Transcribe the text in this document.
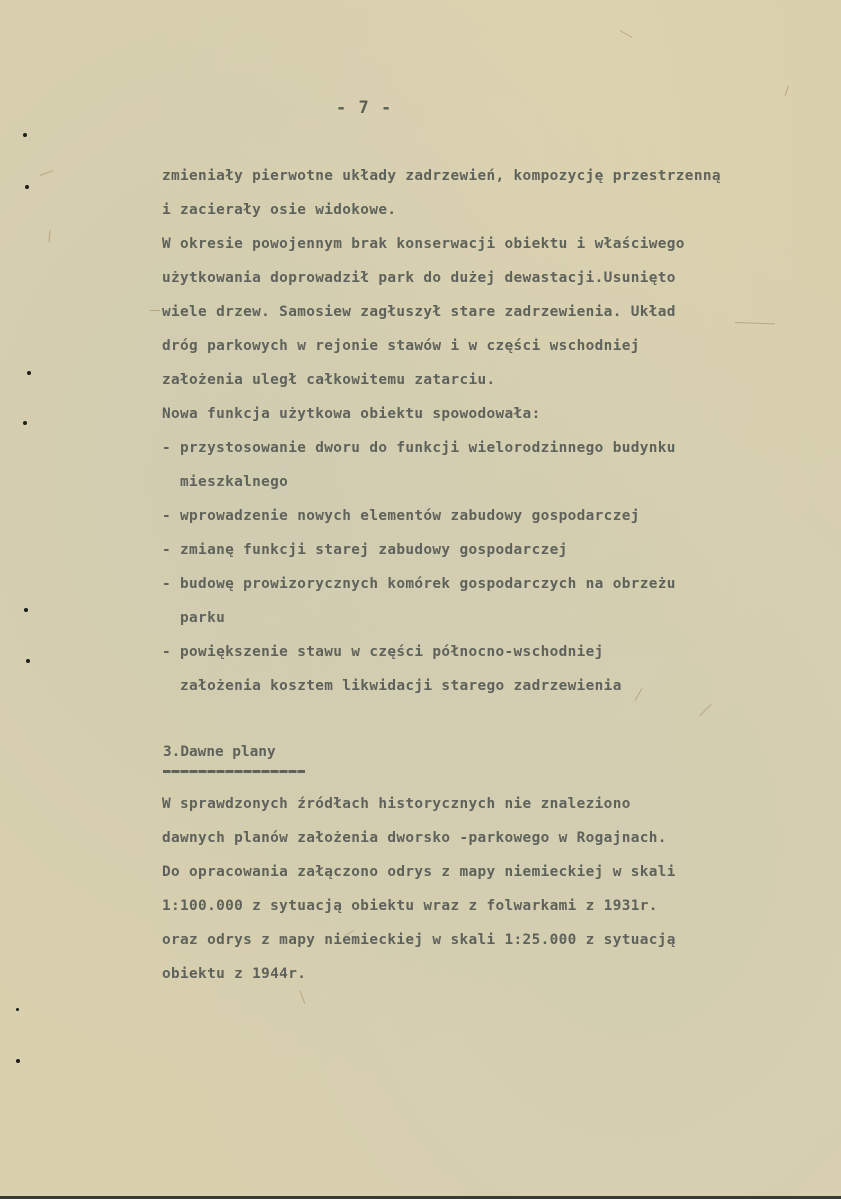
- 7 -
zmieniały pierwotne układy zadrzewień, kompozycję przestrzenną
i zacierały osie widokowe.
W okresie powojennym brak konserwacji obiektu i właściwego
użytkowania doprowadził park do dużej dewastacji.Usunięto
wiele drzew. Samosiew zagłuszył stare zadrzewienia. Układ
dróg parkowych w rejonie stawów i w części wschodniej
założenia uległ całkowitemu zatarciu.
Nowa funkcja użytkowa obiektu spowodowała:
- przystosowanie dworu do funkcji wielorodzinnego budynku
mieszkalnego
- wprowadzenie nowych elementów zabudowy gospodarczej
- zmianę funkcji starej zabudowy gospodarczej
- budowę prowizorycznych komórek gospodarczych na obrzeżu
parku
- powiększenie stawu w części północno-wschodniej
założenia kosztem likwidacji starego zadrzewienia
3.Dawne plany
W sprawdzonych źródłach historycznych nie znaleziono
dawnych planów założenia dworsko -parkowego w Rogajnach.
Do opracowania załączono odrys z mapy niemieckiej w skali
1:100.000 z sytuacją obiektu wraz z folwarkami z 1931r.
oraz odrys z mapy niemieckiej w skali 1:25.000 z sytuacją
obiektu z 1944r.
